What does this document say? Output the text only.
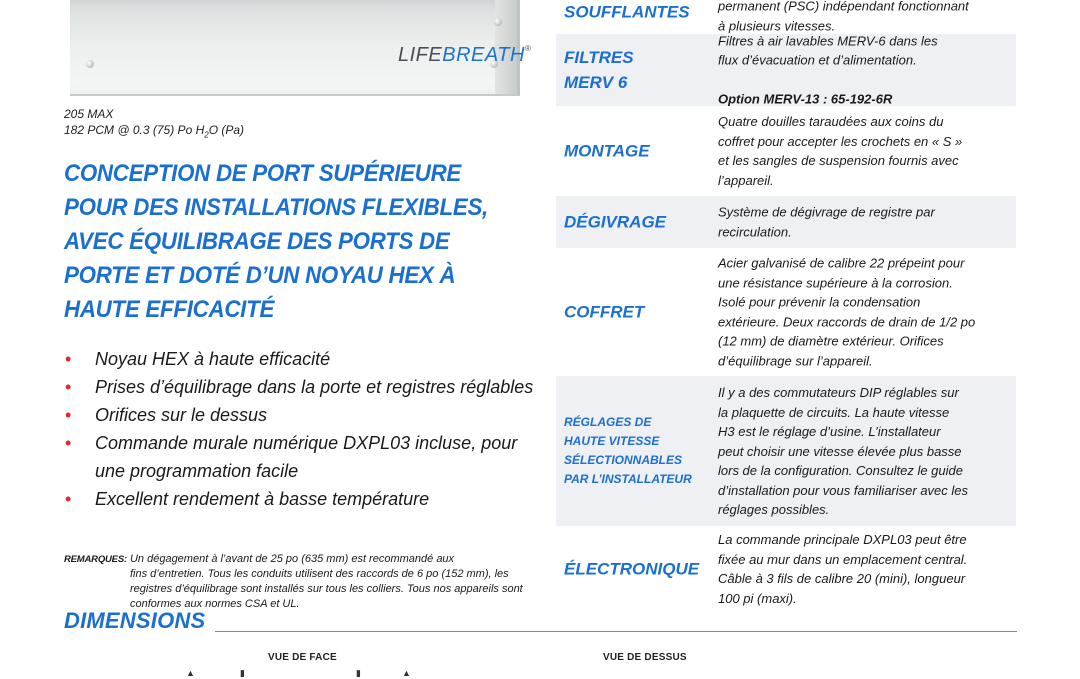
LIFEBREATH®
205 MAX
182 PCM @ 0.3 (75) Po $H_2O$ (Pa)
CONCEPTION DE PORT SUPÉRIEURE
POUR DES INSTALLATIONS FLEXIBLES,
AVEC ÉQUILIBRAGE DES PORTS DE
PORTE ET DOTÉ D’UN NOYAU HEX À
HAUTE EFFICACITÉ
• Noyau HEX à haute efficacité
• Prises d’équilibrage dans la porte et registres réglables
• Orifices sur le dessus
• Commande murale numérique DXPL03 incluse, pour une programmation facile
• Excellent rendement à basse température
REMARQUES: Un dégagement à l’avant de 25 po (635 mm) est recommandé aux
fins d’entretien. Tous les conduits utilisent des raccords de 6 po (152 mm), les registres d’équilibrage sont installés sur tous les colliers. Tous nos appareils sont conformes aux normes CSA et UL.
DIMENSIONS
VUE DE FACE	VUE DE DESSUS
▲	▮	▮	▲
SOUFFLANTES permanent (PSC) indépendant fonctionnant
à plusieurs vitesses.
FILTRES
MERV 6

Filtres à air lavables MERV-6 dans les
flux d’évacuation et d’alimentation.

Option MERV-13 : 65-192-6R

MONTAGE
Quatre douilles taraudées aux coins du
coffret pour accepter les crochets en « S »
et les sangles de suspension fournis avec
l’appareil.
DÉGIVRAGE
Système de dégivrage de registre par
recirculation.
COFFRET
Acier galvanisé de calibre 22 prépeint pour
une résistance supérieure à la corrosion.
Isolé pour prévenir la condensation
extérieure. Deux raccords de drain de 1/2 po
(12 mm) de diamètre extérieur. Orifices
d’équilibrage sur l’appareil.
RÉGLAGES DE
HAUTE VITESSE
SÉLECTIONNABLES
PAR L’INSTALLATEUR
Il y a des commutateurs DIP réglables sur
la plaquette de circuits. La haute vitesse
H3 est le réglage d’usine. L’installateur
peut choisir une vitesse élevée plus basse
lors de la configuration. Consultez le guide
d’installation pour vous familiariser avec les
réglages possibles.
ÉLECTRONIQUE
La commande principale DXPL03 peut être
fixée au mur dans un emplacement central.
Câble à 3 fils de calibre 20 (mini), longueur
100 pi (maxi).
